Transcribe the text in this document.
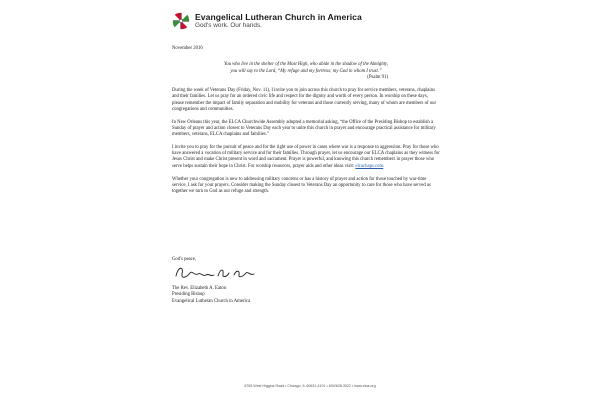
Evangelical Lutheran Church in America
God's work. Our hands.
November 2016
You who live in the shelter of the Most High, who abide in the shadow of the Almighty,
you will say to the Lord, “My refuge and my fortress; my God in whom I trust.”
(Psalm 91)

During the week of Veterans Day (Friday, Nov. 11), I invite you to join across this church to pray for service members, veterans, chaplains and their families. Let us pray for an ordered civic life and respect for the dignity and worth of every person. In worship on these days, please remember the impact of family separation and mobility for veterans and those currently serving, many of whom are members of our congregations and communities.

In New Orleans this year, the ELCA Churchwide Assembly adopted a memorial asking, “the Office of the Presiding Bishop to establish a Sunday of prayer and action closest to Veterans Day each year to unite this church in prayer and encourage practical assistance for military members, veterans, ELCA chaplains and families.”

I invite you to pray for the pursuit of peace and for the right use of power in cases where war is a response to aggression. Pray for those who have answered a vocation of military service and for their families. Through prayer, let us encourage our ELCA chaplains as they witness for Jesus Christ and make Christ present in word and sacrament. Prayer is powerful, and knowing this church remembers in prayer those who serve helps sustain their hope in Christ. For worship resources, prayer aids and other ideas visit: elcachaps.com.

Whether your congregation is new to addressing military concerns or has a history of prayer and action for those touched by war-time service, I ask for your prayers. Consider making the Sunday closest to Veterans Day an opportunity to care for those who have served as together we turn to God as our refuge and strength.

God's peace,
The Rev. Elizabeth A. Eaton
Presiding Bishop
Evangelical Lutheran Church in America
8765 West Higgins Road • Chicago, IL 60631-4101 • 800/638-3522 • www.elca.org
